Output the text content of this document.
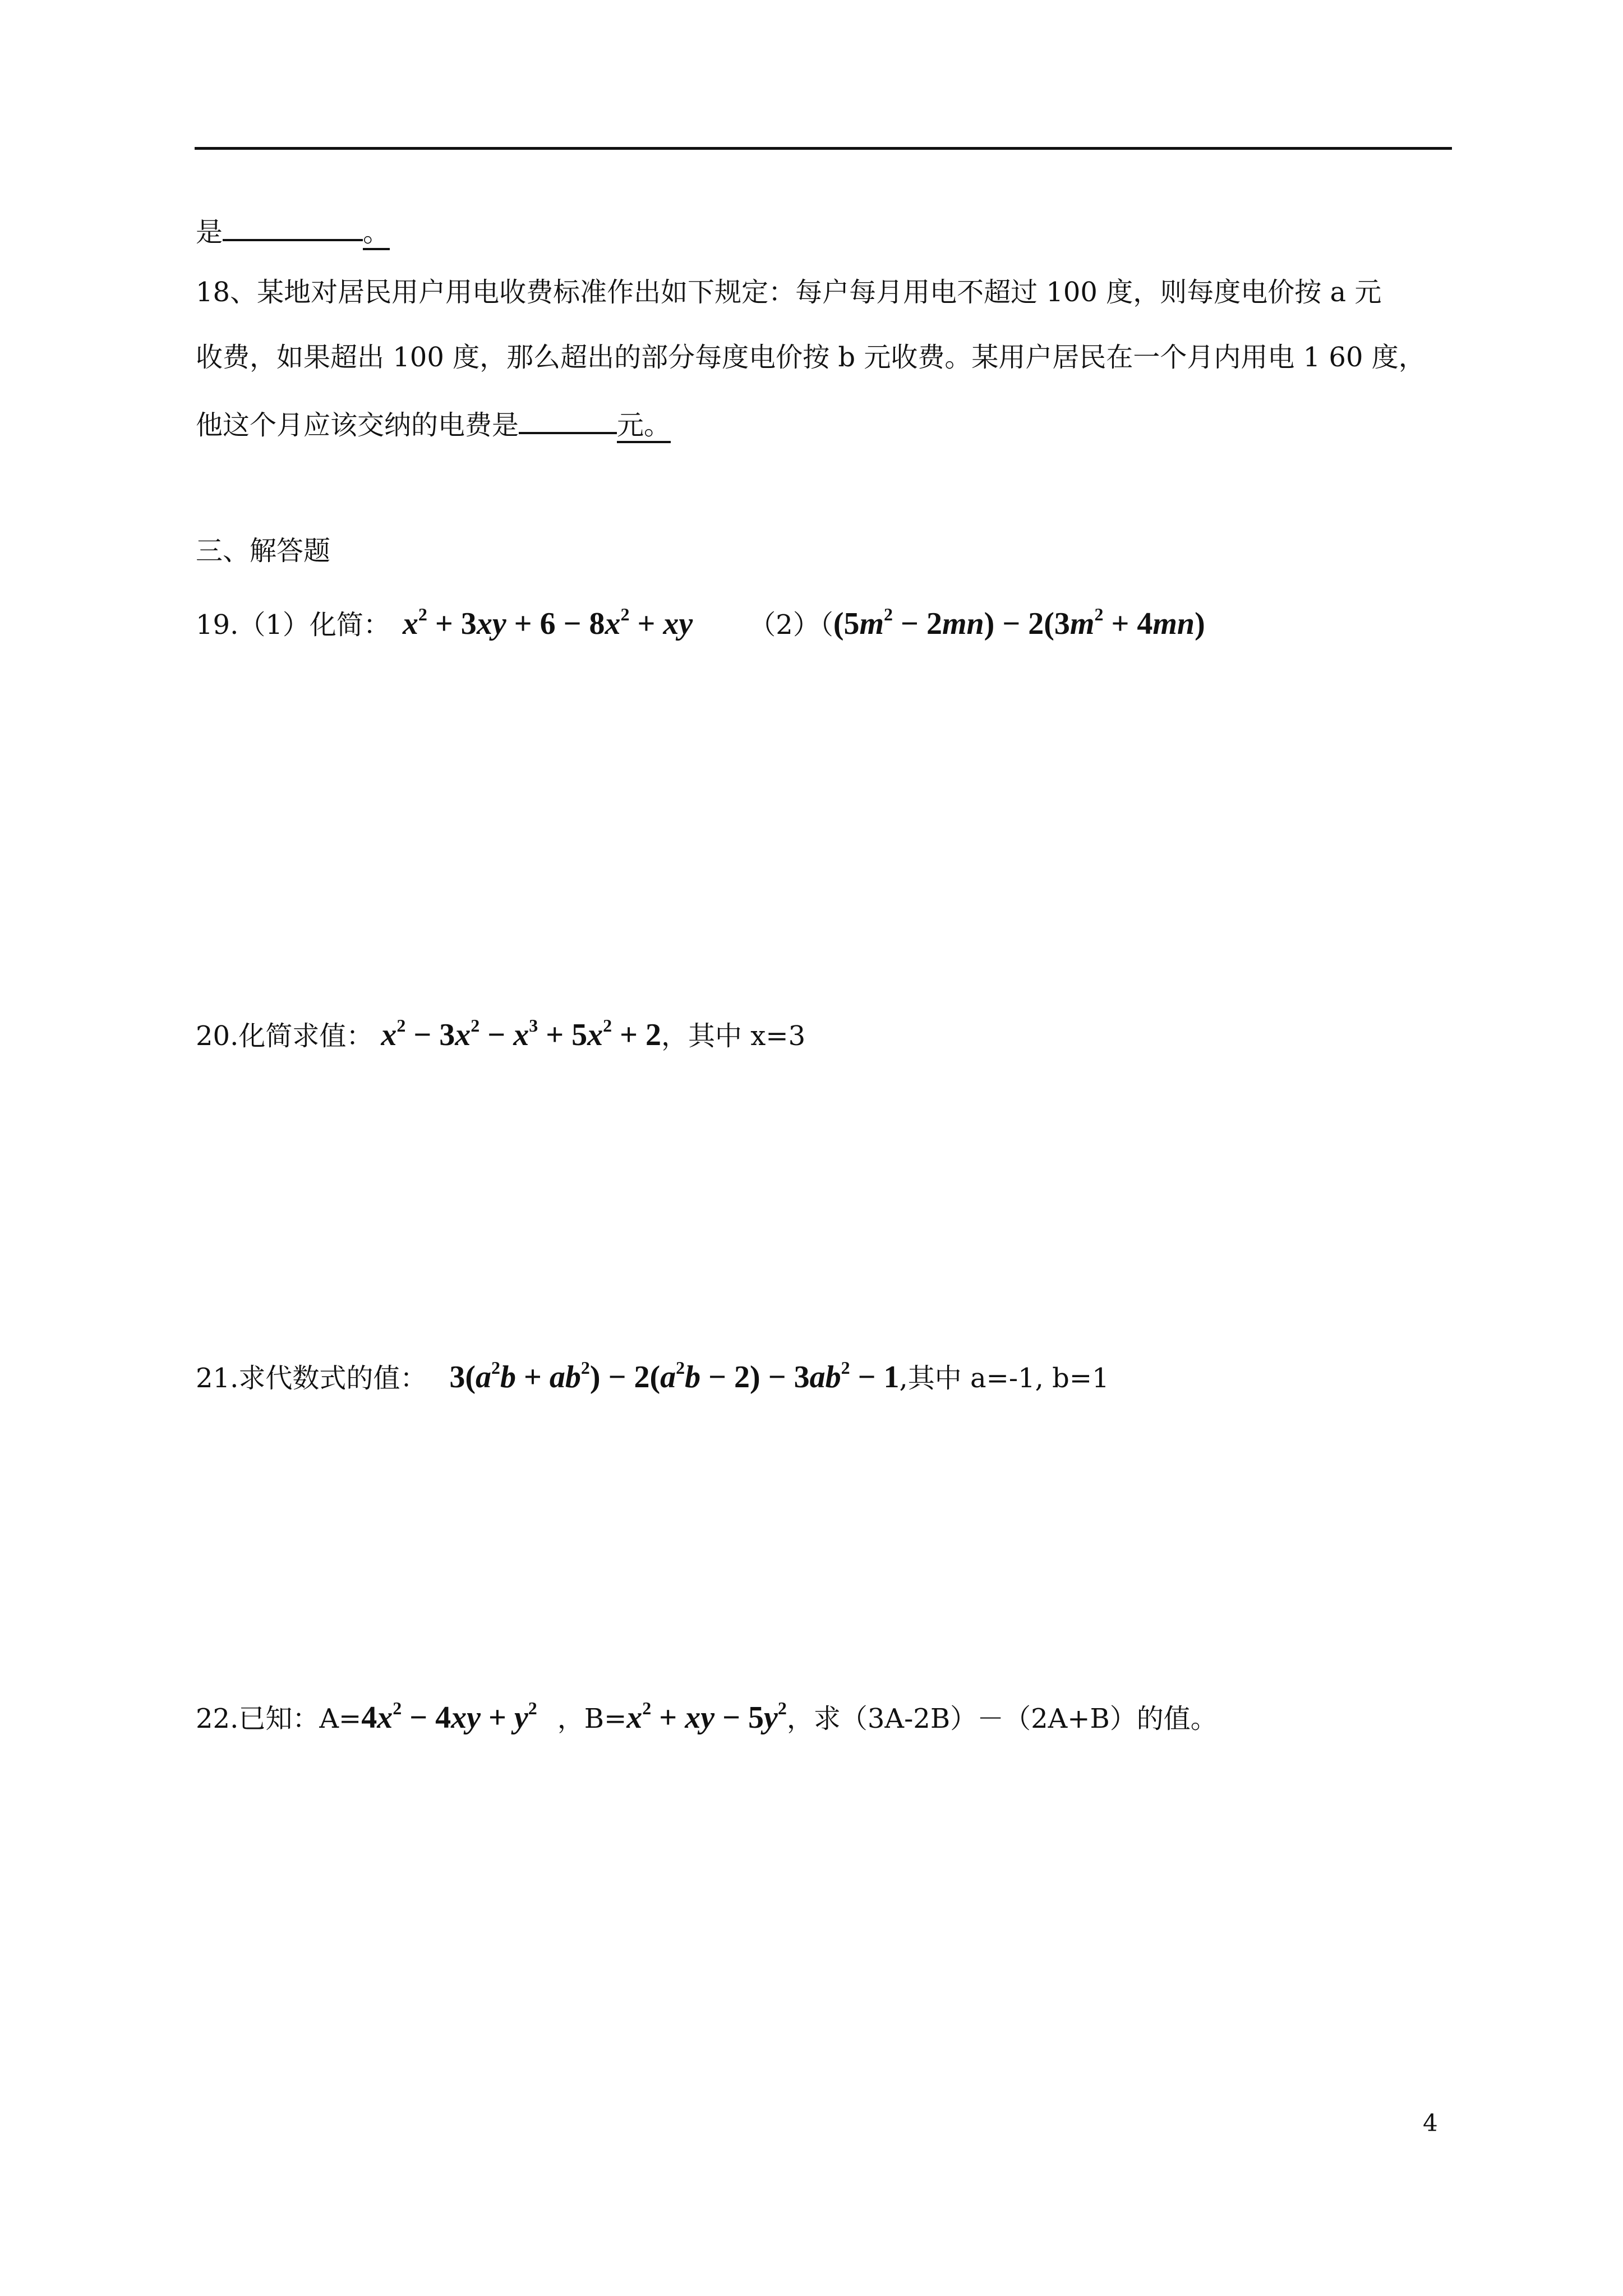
是	。
18、某地对居民用户用电收费标准作出如下规定：每户每月用电不超过 100 度，则每度电价按 a 元
收费，如果超出 100 度，那么超出的部分每度电价按 b 元收费。某用户居民在一个月内用电 1 60 度，
他这个月应该交纳的电费是	元。
三、解答题
19.（1）化简： $x^2 + 3xy + 6 - 8x^2$ + xy $(2)((5m^2 - 2mn) - 2(3m^2 + 4mn)$
20.化简求值： $x^2 - 3x^2 - x^3 + 5x^2 + 2$，其中 x=3
21.求代数式的值： $3(a^2b + ab^2) - 2(a^2b - 2) - 3ab^2 - 1$,其中 a=-1, b=1
22.已知：$A=4x^2 - 4xy + y^2$ ，$B=x^2$ + xy − $5y^2$，求（3A-2B）－（2A+B）的值。
4
